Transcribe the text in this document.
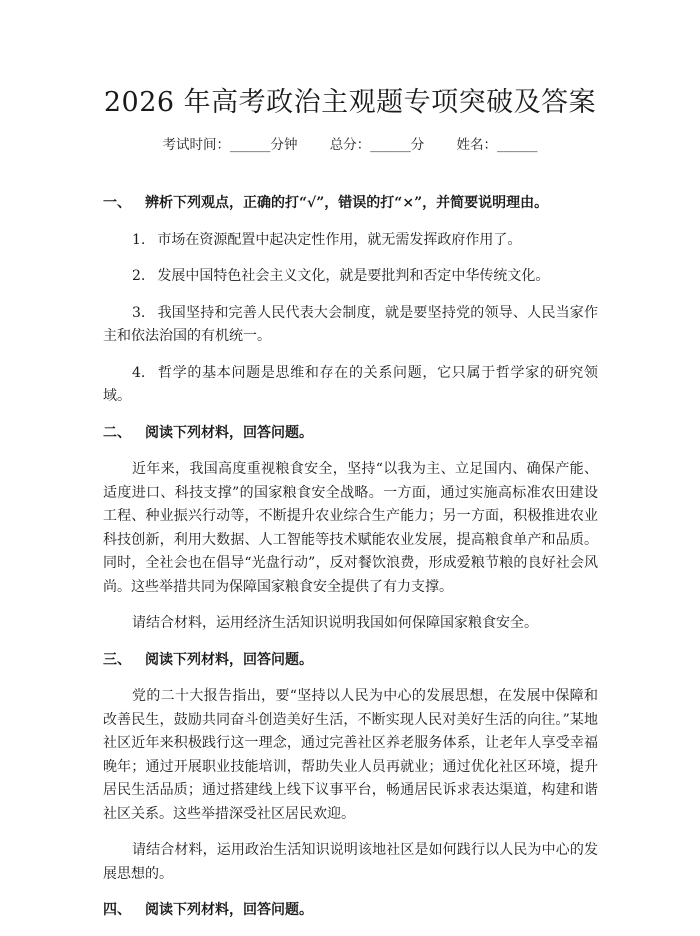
2026 年高考政治主观题专项突破及答案
考试时间：______分钟 总分：______分 姓名：______
一、 辨析下列观点，正确的打“√”，错误的打“×”，并简要说明理由。
1. 市场在资源配置中起决定性作用，就无需发挥政府作用了。
2. 发展中国特色社会主义文化，就是要批判和否定中华传统文化。
3. 我国坚持和完善人民代表大会制度，就是要坚持党的领导、人民当家作主和依法治国的有机统一。
4. 哲学的基本问题是思维和存在的关系问题，它只属于哲学家的研究领域。
二、 阅读下列材料，回答问题。
近年来，我国高度重视粮食安全，坚持“以我为主、立足国内、确保产能、适度进口、科技支撑”的国家粮食安全战略。一方面，通过实施高标准农田建设工程、种业振兴行动等，不断提升农业综合生产能力；另一方面，积极推进农业科技创新，利用大数据、人工智能等技术赋能农业发展，提高粮食单产和品质。同时，全社会也在倡导“光盘行动”，反对餐饮浪费，形成爱粮节粮的良好社会风尚。这些举措共同为保障国家粮食安全提供了有力支撑。
请结合材料，运用经济生活知识说明我国如何保障国家粮食安全。
三、 阅读下列材料，回答问题。
党的二十大报告指出，要“坚持以人民为中心的发展思想，在发展中保障和改善民生，鼓励共同奋斗创造美好生活，不断实现人民对美好生活的向往。”某地社区近年来积极践行这一理念，通过完善社区养老服务体系，让老年人享受幸福晚年；通过开展职业技能培训，帮助失业人员再就业；通过优化社区环境，提升居民生活品质；通过搭建线上线下议事平台，畅通居民诉求表达渠道，构建和谐社区关系。这些举措深受社区居民欢迎。
请结合材料，运用政治生活知识说明该地社区是如何践行以人民为中心的发展思想的。
四、 阅读下列材料，回答问题。
